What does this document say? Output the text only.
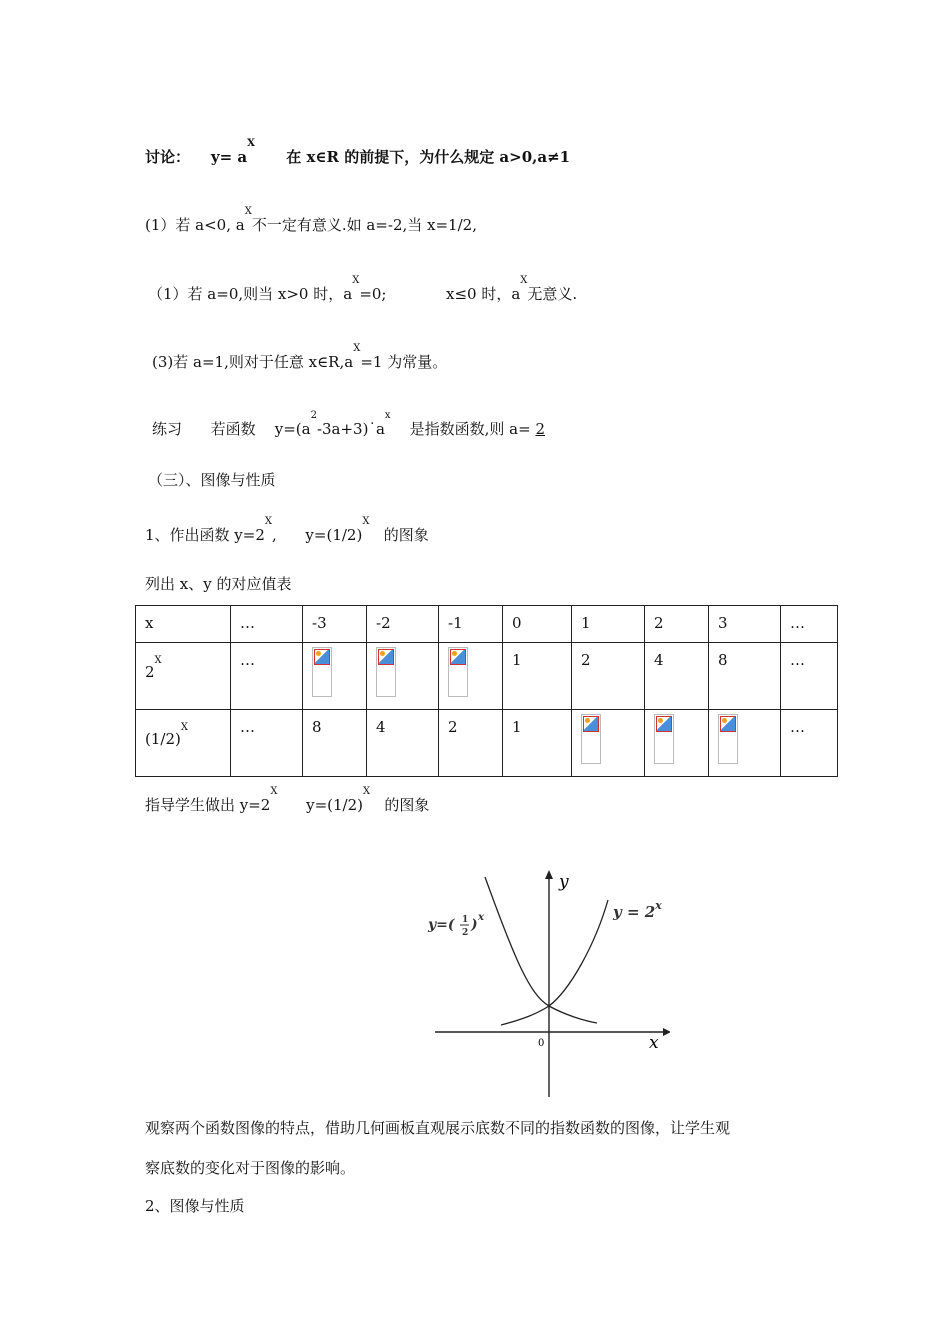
讨论： $y= a^X$      在 x∈R 的前提下，为什么规定 a>0,a≠1
(1）若 a<0, $a^X$不一定有意义.如 a=-2,当 x=1/2,
（1）若 a=0,则当 x>0 时，$a^X=0$;	x≤0 时，$a^X$无意义.
(3)若 a=1,则对于任意 $x\in R,a^X=1$ 为常量。
练习 若函数 $y=(a^2-3a+3)˙a^x$    是指数函数,则 a= 2
（三）、图像与性质
1、作出函数 $y=2^X$, $y=(1/2)^X$   的图象
列出 x、y 的对应值表
x	…	-3	-2	-1	0	1	2	3	…
$2^X$	…				1	2	4	8	…
$(1/2)^X$	…	8	4	2	1				…
指导学生做出 $y=2^X$      $y=(1/2)^X$   的图象
y
x
0
$y = 2^x$
y=( 1
2 ) x
观察两个函数图像的特点，借助几何画板直观展示底数不同的指数函数的图像，让学生观
察底数的变化对于图像的影响。
2、图像与性质
